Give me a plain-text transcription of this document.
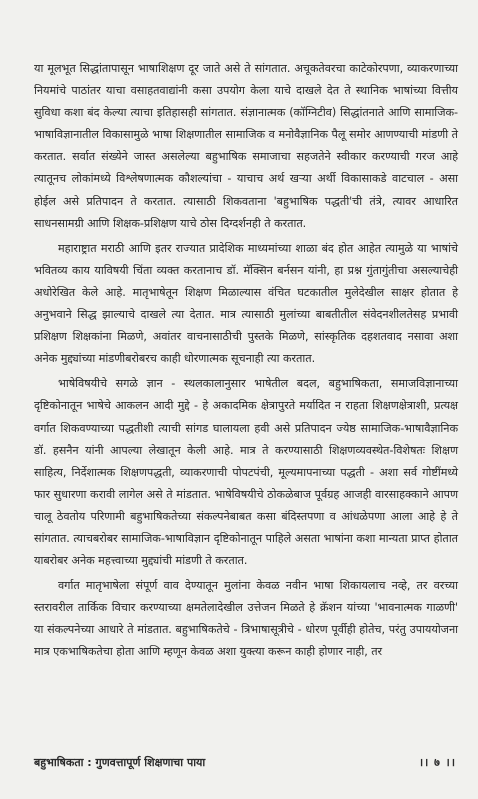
या मूलभूत सिद्धांतापासून भाषाशिक्षण दूर जाते असे ते सांगतात. अचूकतेवरचा काटेकोरपणा, व्याकरणाच्या नियमांचे पाठांतर याचा वसाहतवाद्यांनी कसा उपयोग केला याचे दाखले देत ते स्थानिक भाषांच्या वित्तीय सुविधा कशा बंद केल्या त्याचा इतिहासही सांगतात. संज्ञानात्मक (कॉग्निटीव) सिद्धांतनाते आणि सामाजिक-भाषाविज्ञानातील विकासामुळे भाषा शिक्षणातील सामाजिक व मनोवैज्ञानिक पैलू समोर आणण्याची मांडणी ते करतात. सर्वात संख्येने जास्त असलेल्या बहुभाषिक समाजाचा सहजतेने स्वीकार करण्याची गरज आहे त्यातूनच लोकांमध्ये विश्लेषणात्मक कौशल्यांचा - याचाच अर्थ खऱ्या अर्थी विकासाकडे वाटचाल - असा होईल असे प्रतिपादन ते करतात. त्यासाठी शिकवताना 'बहुभाषिक पद्धती'ची तंत्रे, त्यावर आधारित साधनसामग्री आणि शिक्षक-प्रशिक्षण याचे ठोस दिग्दर्शनही ते करतात.

महाराष्ट्रात मराठी आणि इतर राज्यात प्रादेशिक माध्यमांच्या शाळा बंद होत आहेत त्यामुळे या भाषांचे भवितव्य काय याविषयी चिंता व्यक्त करतानाच डॉ. मॅक्सिन बर्नसन यांनी, हा प्रश्न गुंतागुंतीचा असल्याचेही अधोरेखित केले आहे. मातृभाषेतून शिक्षण मिळाल्यास वंचित घटकातील मुलेदेखील साक्षर होतात हे अनुभवाने सिद्ध झाल्याचे दाखले त्या देतात. मात्र त्यासाठी मुलांच्या बाबतीतील संवेदनशीलतेसह प्रभावी प्रशिक्षण शिक्षकांना मिळणे, अवांतर वाचनासाठीची पुस्तके मिळणे, सांस्कृतिक दहशतवाद नसावा अशा अनेक मुद्द्यांच्या मांडणीबरोबरच काही धोरणात्मक सूचनाही त्या करतात.

भाषेविषयीचे सगळे ज्ञान - स्थलकालानुसार भाषेतील बदल, बहुभाषिकता, समाजविज्ञानाच्या दृष्टिकोनातून भाषेचे आकलन आदी मुद्दे - हे अकादमिक क्षेत्रापुरते मर्यादित न राहता शिक्षणक्षेत्राशी, प्रत्यक्ष वर्गात शिकवण्याच्या पद्धतीशी त्याची सांगड घालायला हवी असे प्रतिपादन ज्येष्ठ सामाजिक-भाषावैज्ञानिक डॉ. हसनैन यांनी आपल्या लेखातून केली आहे. मात्र ते करण्यासाठी शिक्षणव्यवस्थेत-विशेषतः शिक्षण साहित्य, निर्देशात्मक शिक्षणपद्धती, व्याकरणाची पोपटपंची, मूल्यमापनाच्या पद्धती - अशा सर्व गोष्टींमध्ये फार सुधारणा करावी लागेल असे ते मांडतात. भाषेविषयीचे ठोकळेबाज पूर्वग्रह आजही वारसाहक्काने आपण चालू ठेवतोय परिणामी बहुभाषिकतेच्या संकल्पनेबाबत कसा बंदिस्तपणा व आंधळेपणा आला आहे हे ते सांगतात. त्याचबरोबर सामाजिक-भाषाविज्ञान दृष्टिकोनातून पाहिले असता भाषांना कशा मान्यता प्राप्त होतात याबरोबर अनेक महत्त्वाच्या मुद्द्यांची मांडणी ते करतात.

वर्गात मातृभाषेला संपूर्ण वाव देण्यातून मुलांना केवळ नवीन भाषा शिकायलाच नव्हे, तर वरच्या स्तरावरील तार्किक विचार करण्याच्या क्षमतेलादेखील उत्तेजन मिळते हे क्रॅशन यांच्या 'भावनात्मक गाळणी' या संकल्पनेच्या आधारे ते मांडतात. बहुभाषिकतेचे - त्रिभाषासूत्रीचे - धोरण पूर्वीही होतेच, परंतु उपाययोजना मात्र एकभाषिकतेचा होता आणि म्हणून केवळ अशा युक्त्या करून काही होणार नाही, तर

बहुभाषिकता : गुणवत्तापूर्ण शिक्षणाचा पाया	।। ७ ।।
